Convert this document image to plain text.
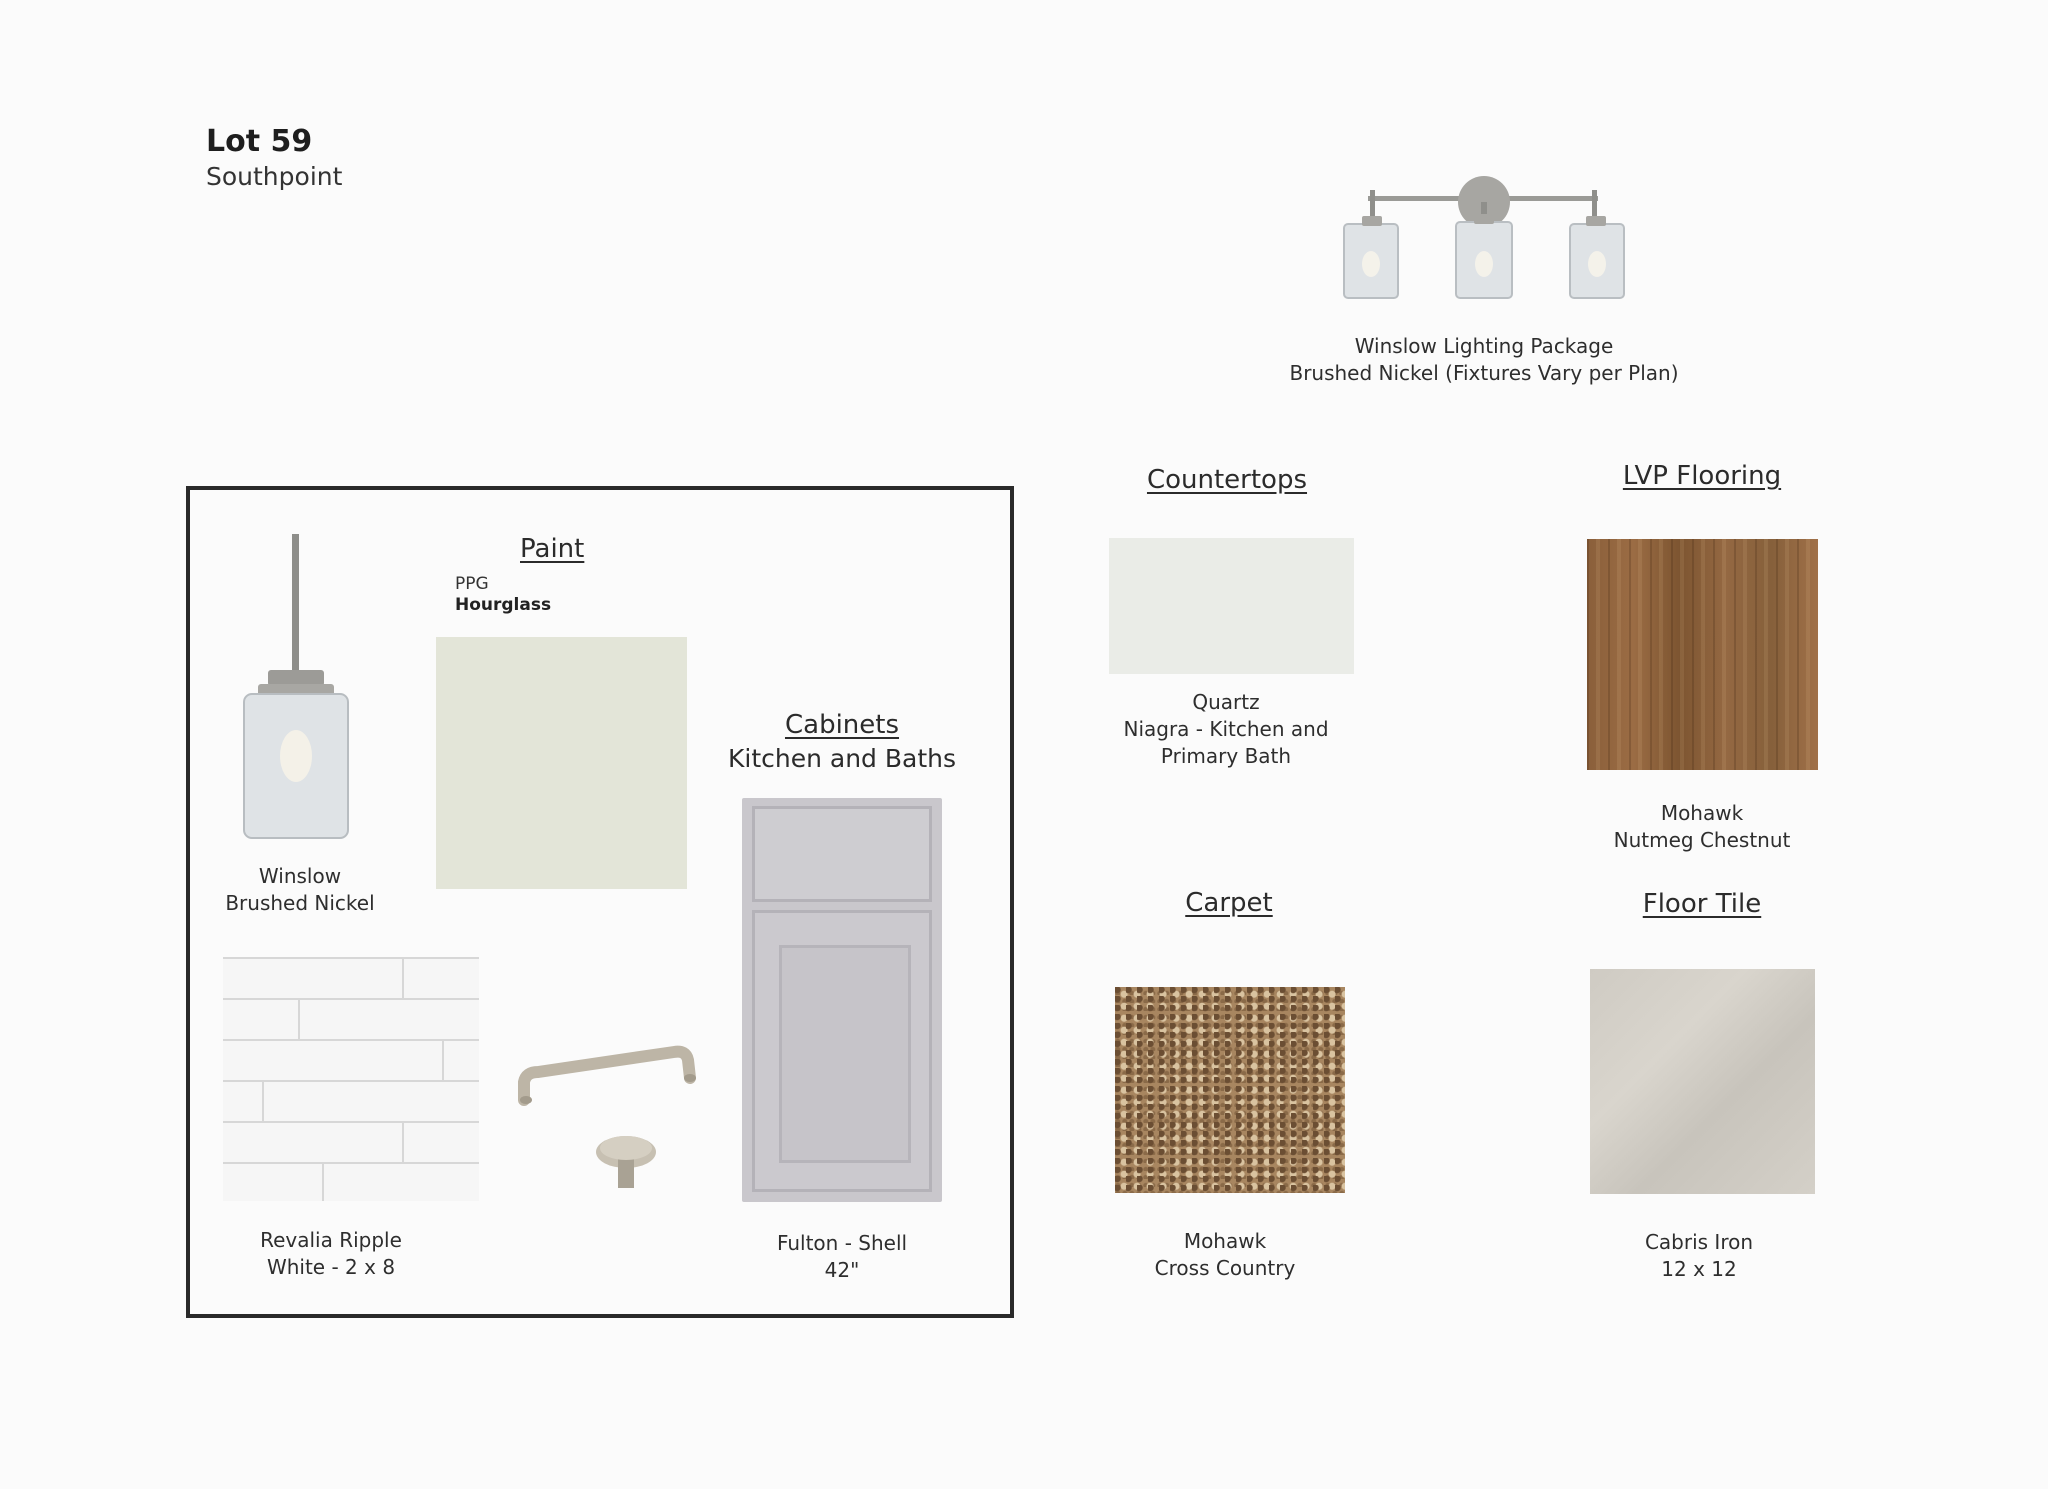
Lot 59
Southpoint
Winslow Lighting Package
Brushed Nickel (Fixtures Vary per Plan)
Winslow
Brushed Nickel
Paint
PPG
Hourglass
Cabinets
Kitchen and Baths
Fulton - Shell
42"
Revalia Ripple
White - 2 x 8
Countertops
Quartz
Niagra - Kitchen and
Primary Bath
LVP Flooring
Mohawk
Nutmeg Chestnut
Carpet
Mohawk
Cross Country
Floor Tile
Cabris Iron
12 x 12
